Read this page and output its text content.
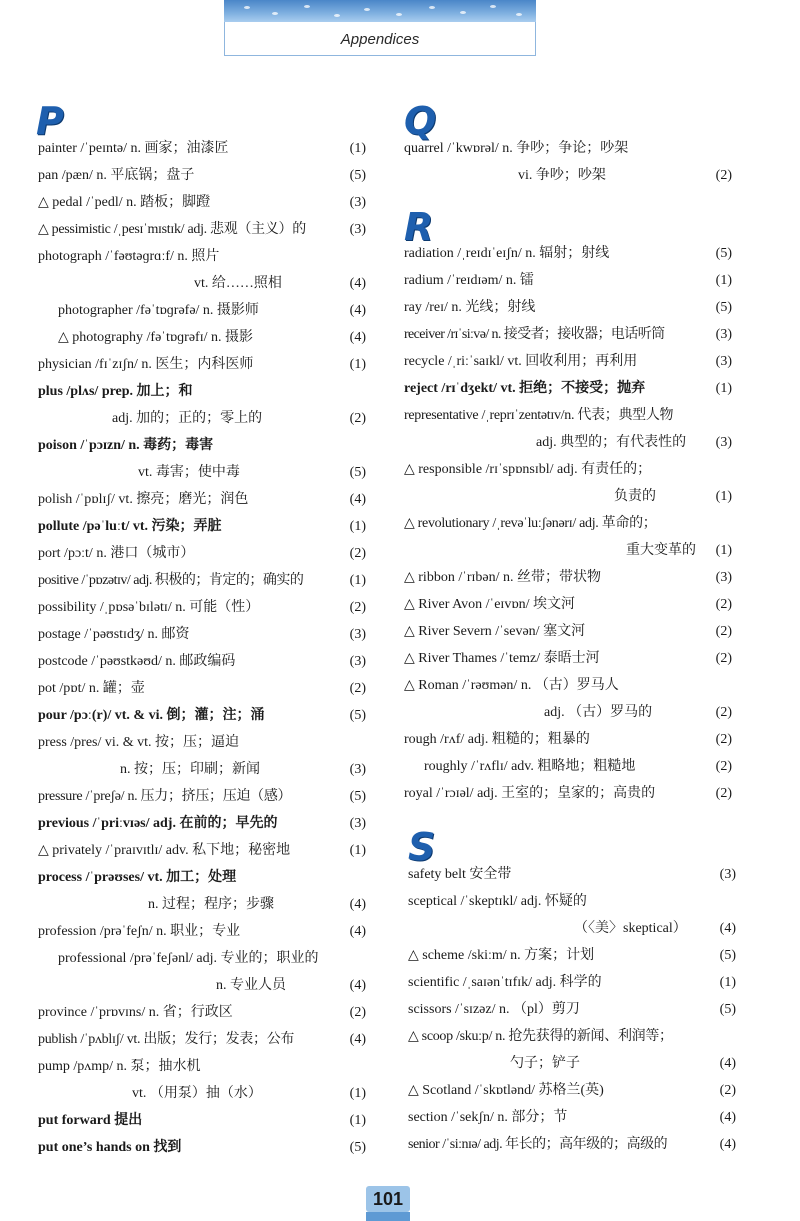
Appendices
P	Q
R
S
painter /ˈpeɪntə/ n. 画家；油漆匠	(1)
pan /pæn/ n. 平底锅；盘子	(5)
△ pedal /ˈpedl/ n. 踏板；脚蹬	(3)
△ pessimistic /ˌpesɪˈmɪstɪk/ adj. 悲观（主义）的	(3)
photograph /ˈfəʊtəɡrɑːf/ n. 照片
vt. 给……照相	(4)
photographer /fəˈtɒɡrəfə/ n. 摄影师	(4)
△ photography /fəˈtɒɡrəfɪ/ n. 摄影	(4)
physician /fɪˈzɪʃn/ n. 医生；内科医师	(1)
plus /plʌs/ prep. 加上；和
adj. 加的；正的；零上的	(2)
poison /ˈpɔɪzn/ n. 毒药；毒害
vt. 毒害；使中毒	(5)
polish /ˈpɒlɪʃ/ vt. 擦亮；磨光；润色	(4)
pollute /pəˈluːt/ vt. 污染；弄脏	(1)
port /pɔːt/ n. 港口（城市）	(2)
positive /ˈpɒzətɪv/ adj. 积极的；肯定的；确实的	(1)
possibility /ˌpɒsəˈbɪlətɪ/ n. 可能（性）	(2)
postage /ˈpəʊstɪdʒ/ n. 邮资	(3)
postcode /ˈpəʊstkəʊd/ n. 邮政编码	(3)
pot /pɒt/ n. 罐；壶	(2)
pour /pɔː(r)/ vt. & vi. 倒；灌；注；涌	(5)
press /pres/ vi. & vt. 按；压；逼迫
n. 按；压；印刷；新闻	(3)
pressure /ˈpreʃə/ n. 压力；挤压；压迫（感）	(5)
previous /ˈpriːvɪəs/ adj. 在前的；早先的	(3)
△ privately /ˈpraɪvɪtlɪ/ adv. 私下地；秘密地	(1)
process /ˈprəʊses/ vt. 加工；处理
n. 过程；程序；步骤	(4)
profession /prəˈfeʃn/ n. 职业；专业	(4)
professional /prəˈfeʃənl/ adj. 专业的；职业的
n. 专业人员	(4)
province /ˈprɒvɪns/ n. 省；行政区	(2)
publish /ˈpʌblɪʃ/ vt. 出版；发行；发表；公布	(4)
pump /pʌmp/ n. 泵；抽水机
vt. （用泵）抽（水）	(1)
put forward 提出	(1)
put one’s hands on 找到	(5)
quarrel /ˈkwɒrəl/ n. 争吵；争论；吵架
vi. 争吵；吵架	(2)
radiation /ˌreɪdɪˈeɪʃn/ n. 辐射；射线	(5)
radium /ˈreɪdɪəm/ n. 镭	(1)
ray /reɪ/ n. 光线；射线	(5)
receiver /rɪˈsiːvə/ n. 接受者；接收器；电话听筒	(3)
recycle /ˌriːˈsaɪkl/ vt. 回收利用；再利用	(3)
reject /rɪˈdʒekt/ vt. 拒绝；不接受；抛弃	(1)
representative /ˌreprɪˈzentətɪv/n. 代表；典型人物
adj. 典型的；有代表性的	(3)
△ responsible /rɪˈspɒnsɪbl/ adj. 有责任的；
负责的	(1)
△ revolutionary /ˌrevəˈluːʃənərɪ/ adj. 革命的；
重大变革的	(1)
△ ribbon /ˈrɪbən/ n. 丝带；带状物	(3)
△ River Avon /ˈeɪvɒn/ 埃文河	(2)
△ River Severn /ˈsevən/ 塞文河	(2)
△ River Thames /ˈtemz/ 泰晤士河	(2)
△ Roman /ˈrəʊmən/ n. （古）罗马人
adj. （古）罗马的	(2)
rough /rʌf/ adj. 粗糙的；粗暴的	(2)
roughly /ˈrʌflɪ/ adv. 粗略地；粗糙地	(2)
royal /ˈrɔɪəl/ adj. 王室的；皇家的；高贵的	(2)
safety belt 安全带	(3)
sceptical /ˈskeptɪkl/ adj. 怀疑的
（〈美〉skeptical）	(4)
△ scheme /skiːm/ n. 方案；计划	(5)
scientific /ˌsaɪənˈtɪfɪk/ adj. 科学的	(1)
scissors /ˈsɪzəz/ n. （pl）剪刀	(5)
△ scoop /skuːp/ n. 抢先获得的新闻、利润等；
勺子；铲子	(4)
△ Scotland /ˈskɒtlənd/ 苏格兰(英)	(2)
section /ˈsekʃn/ n. 部分；节	(4)
senior /ˈsiːnɪə/ adj. 年长的；高年级的；高级的	(4)
101
